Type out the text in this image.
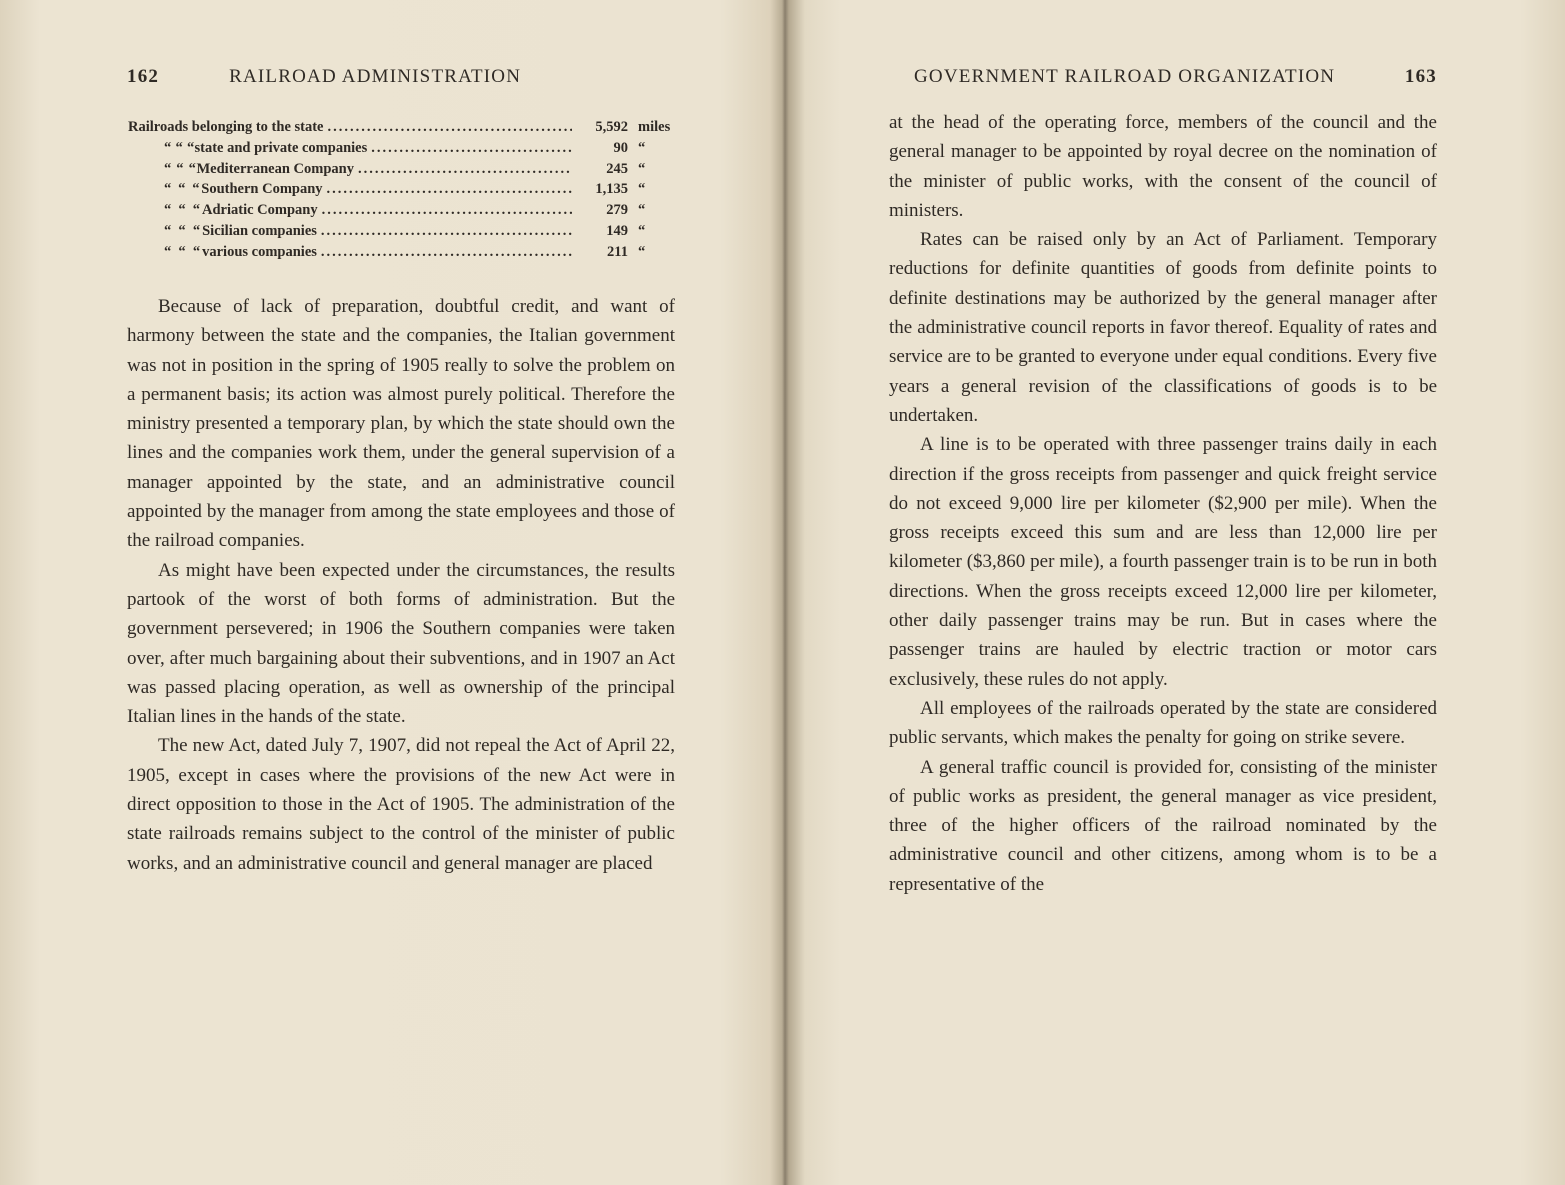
162	RAILROAD ADMINISTRATION
Railroads belonging to the state .....	5,592 miles
“ “ “ state and private companies .....	90 “
“ “ “ Mediterranean Company .....	245 “
“ “ “ Southern Company .....	1,135 “
“ “ “ Adriatic Company .....	279 “
“ “ “ Sicilian companies .....	149 “
“ “ “ various companies .....	211 “

Because of lack of preparation, doubtful credit, and want of harmony between the state and the companies, the Italian government was not in position in the spring of 1905 really to solve the problem on a permanent basis; its action was almost purely political. Therefore the ministry presented a temporary plan, by which the state should own the lines and the companies work them, under the general supervision of a manager appointed by the state, and an administrative council appointed by the manager from among the state employees and those of the railroad companies.

As might have been expected under the circumstances, the results partook of the worst of both forms of administration. But the government persevered; in 1906 the Southern companies were taken over, after much bargaining about their subventions, and in 1907 an Act was passed placing operation, as well as ownership of the principal Italian lines in the hands of the state.

The new Act, dated July 7, 1907, did not repeal the Act of April 22, 1905, except in cases where the provisions of the new Act were in direct opposition to those in the Act of 1905. The administration of the state railroads remains subject to the control of the minister of public works, and an administrative council and general manager are placed

GOVERNMENT RAILROAD ORGANIZATION	163

at the head of the operating force, members of the council and the general manager to be appointed by royal decree on the nomination of the minister of public works, with the consent of the council of ministers.

Rates can be raised only by an Act of Parliament. Temporary reductions for definite quantities of goods from definite points to definite destinations may be authorized by the general manager after the administrative council reports in favor thereof. Equality of rates and service are to be granted to everyone under equal conditions. Every five years a general revision of the classifications of goods is to be undertaken.

A line is to be operated with three passenger trains daily in each direction if the gross receipts from passenger and quick freight service do not exceed 9,000 lire per kilometer ($2,900 per mile). When the gross receipts exceed this sum and are less than 12,000 lire per kilometer ($3,860 per mile), a fourth passenger train is to be run in both directions. When the gross receipts exceed 12,000 lire per kilometer, other daily passenger trains may be run. But in cases where the passenger trains are hauled by electric traction or motor cars exclusively, these rules do not apply.

All employees of the railroads operated by the state are considered public servants, which makes the penalty for going on strike severe.

A general traffic council is provided for, consisting of the minister of public works as president, the general manager as vice president, three of the higher officers of the railroad nominated by the administrative council and other citizens, among whom is to be a representative of the
